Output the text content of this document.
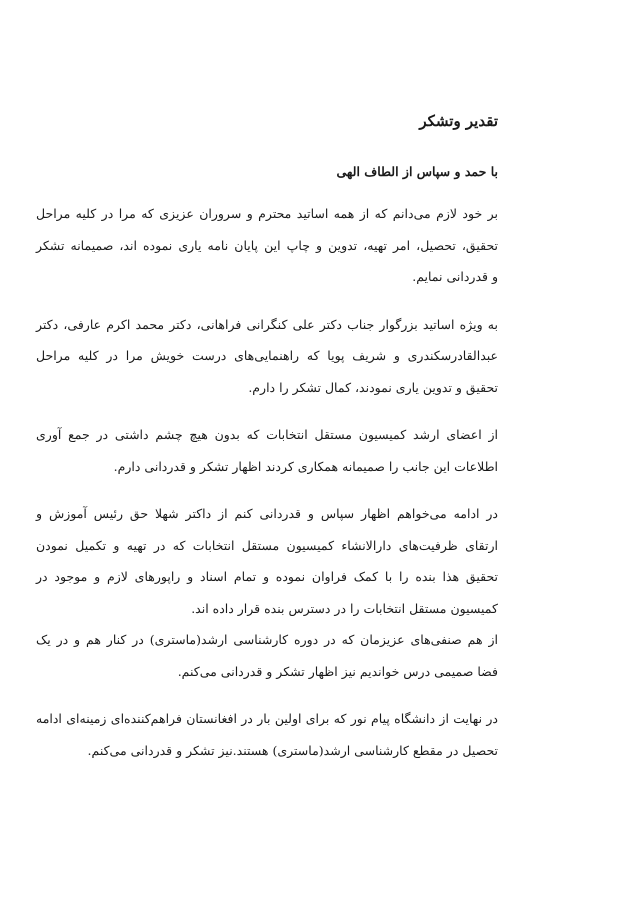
تقدیر وتشکر
با حمد و سپاس از الطاف الهی

بر خود لازم می‌دانم که از همه اساتید محترم و سروران عزیزی که مرا در کلیه مراحل
تحقیق، تحصیل، امر تهیه، تدوین و چاپ این پایان نامه یاری نموده اند، صمیمانه تشکر
و قدردانی نمایم.

به ویژه اساتید بزرگوار جناب دکتر علی کنگرانی فراهانی، دکتر محمد اکرم عارفی، دکتر
عبدالقادرسکندری و شریف پویا که راهنمایی‌های درست خویش مرا در کلیه مراحل
تحقیق و تدوین یاری نمودند، کمال تشکر را دارم.

از اعضای ارشد کمیسیون مستقل انتخابات که بدون هیچ چشم داشتی در جمع آوری
اطلاعات این جانب را صمیمانه همکاری کردند اظهار تشکر و قدردانی دارم.

در ادامه می‌خواهم اظهار سپاس و قدردانی کنم از داکتر شهلا حق رئیس آموزش و
ارتقای ظرفیت‌های دارالانشاء کمیسیون مستقل انتخابات که در تهیه و تکمیل نمودن
تحقیق هذا بنده را با کمک فراوان نموده و تمام اسناد و راپورهای لازم و موجود در
کمیسیون مستقل انتخابات را در دسترس بنده قرار داده اند.
از هم صنفی‌های عزیزمان که در دوره کارشناسی ارشد(ماستری) در کنار هم و در یک
فضا صمیمی درس خواندیم نیز اظهار تشکر و قدردانی می‌کنم.

در نهایت از دانشگاه پیام نور که برای اولین بار در افغانستان فراهم‌کننده‌ای زمینه‌ای ادامه
تحصیل در مقطع کارشناسی ارشد(ماستری) هستند.نیز تشکر و قدردانی می‌کنم.
